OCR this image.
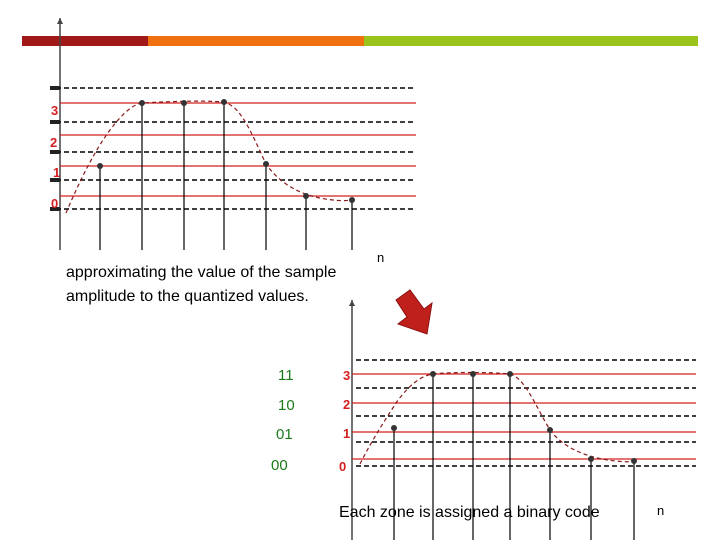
3
2
1
0
n
approximating the value of the sample
amplitude to the quantized values.
11
10
01
00
3
2
1
0
n
Each zone is assigned a binary code
